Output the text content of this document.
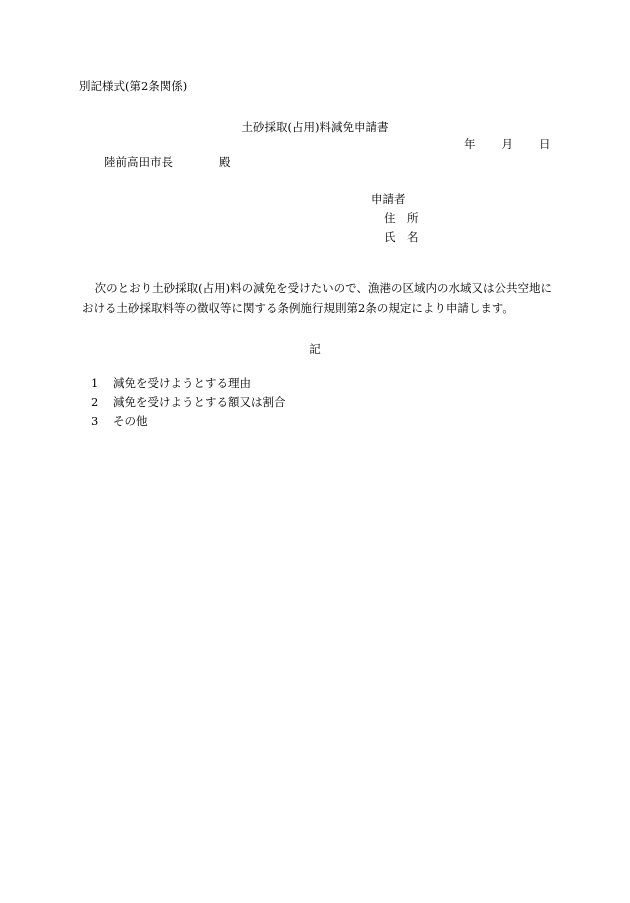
別記様式(第2条関係)
土砂採取(占用)料減免申請書
年 月 日
陸前高田市長	殿
申請者
住　所
氏　名

次のとおり土砂採取(占用)料の減免を受けたいので、漁港の区域内の水域又は公共空地における土砂採取料等の徴収等に関する条例施行規則第2条の規定により申請します。

記
1 減免を受けようとする理由
2 減免を受けようとする額又は割合
3 その他
